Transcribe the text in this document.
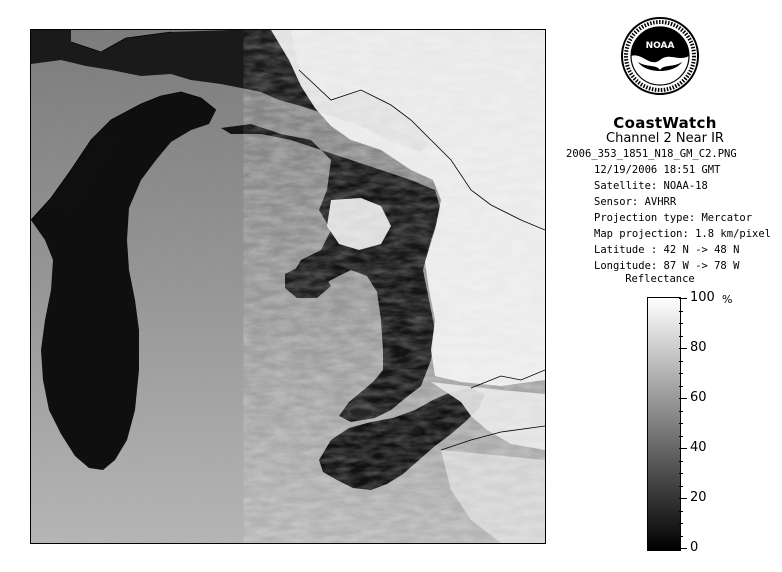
NOAA
CoastWatch
Channel 2 Near IR
2006_353_1851_N18_GM_C2.PNG
12/19/2006 18:51 GMT
Satellite: NOAA-18
Sensor: AVHRR
Projection type: Mercator
Map projection: 1.8 km/pixel
Latitude : 42 N -> 48 N
Longitude: 87 W -> 78 W
Reflectance
%
100
80
60
40
20
0
